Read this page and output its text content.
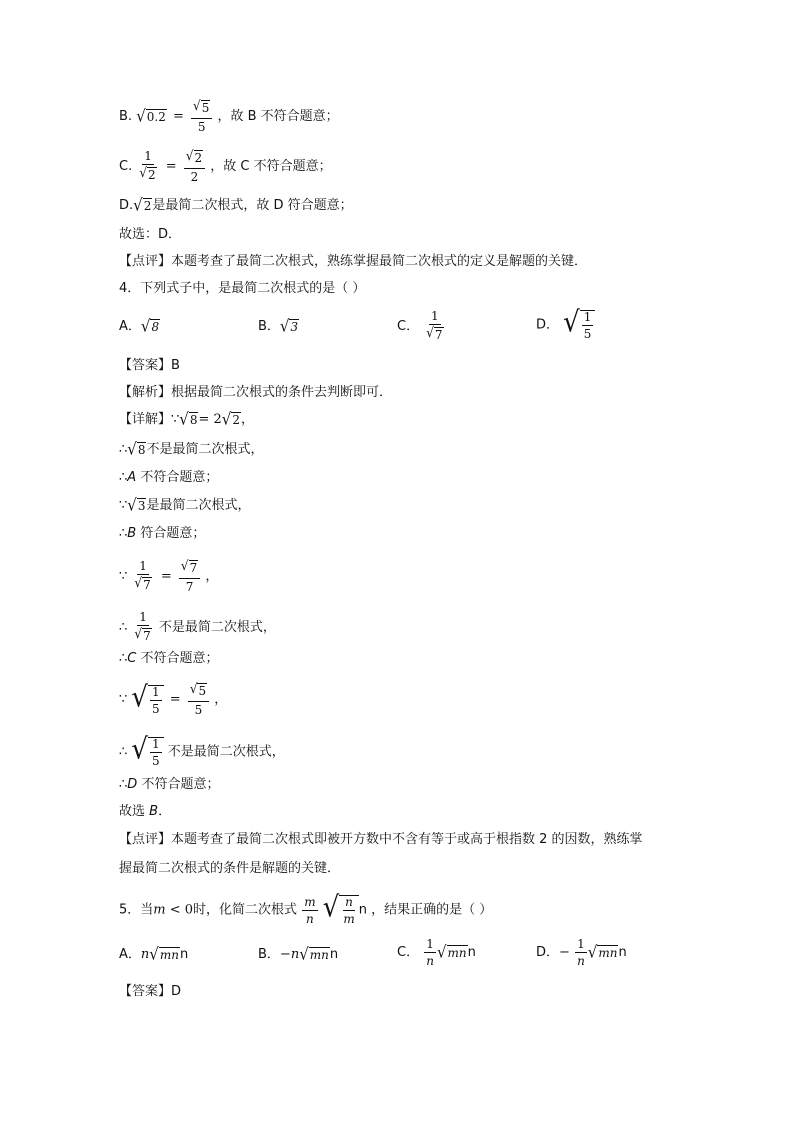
B. √ $0.2 = \frac{√ 5}{5}$ ，故 B 不符合题意；
C. $\frac{1}{√ 2} = \frac{√ 2}{2}$ ，故 C 不符合题意；
D. √ 2 是最简二次根式，故 D 符合题意；
故选：D．
【点评】本题考查了最简二次根式，熟练掌握最简二次根式的定义是解题的关键．
4．下列式子中，是最简二次根式的是（ ）
A． √ 8	B． √ 3	C． $\frac{1}{√ 7}$	D． √ $\frac{1}{5}$
【答案】B
【解析】根据最简二次根式的条件去判断即可．
【详解】∵ √ 8 = 2 √ 2 ，
∴ √ 8 不是最简二次根式，
∴A 不符合题意；
∵ √ 3 是最简二次根式，
∴B 符合题意；
∵ $\frac{1}{√ 7} = \frac{√ 7}{7}$ ，
∴ $\frac{1}{√ 7}$ 不是最简二次根式，
∴C 不符合题意；
∵ √ $\frac{1}{5} = \frac{√ 5}{5}$ ，
∴ √ $\frac{1}{5}$ 不是最简二次根式，
∴D 不符合题意；
故选 B．
【点评】本题考查了最简二次根式即被开方数中不含有等于或高于根指数 2 的因数，熟练掌
握最简二次根式的条件是解题的关键．
5．当m < 0时，化简二次根式 $\frac{m}{n}$
√ $\frac{n}{m}$ n ，结果正确的是（ ）
A．n √ mn n	B．−n √ mn n	C． $\frac{1}{n}$ √ mn n	D．− $\frac{1}{n}$ √ mn n
【答案】D
